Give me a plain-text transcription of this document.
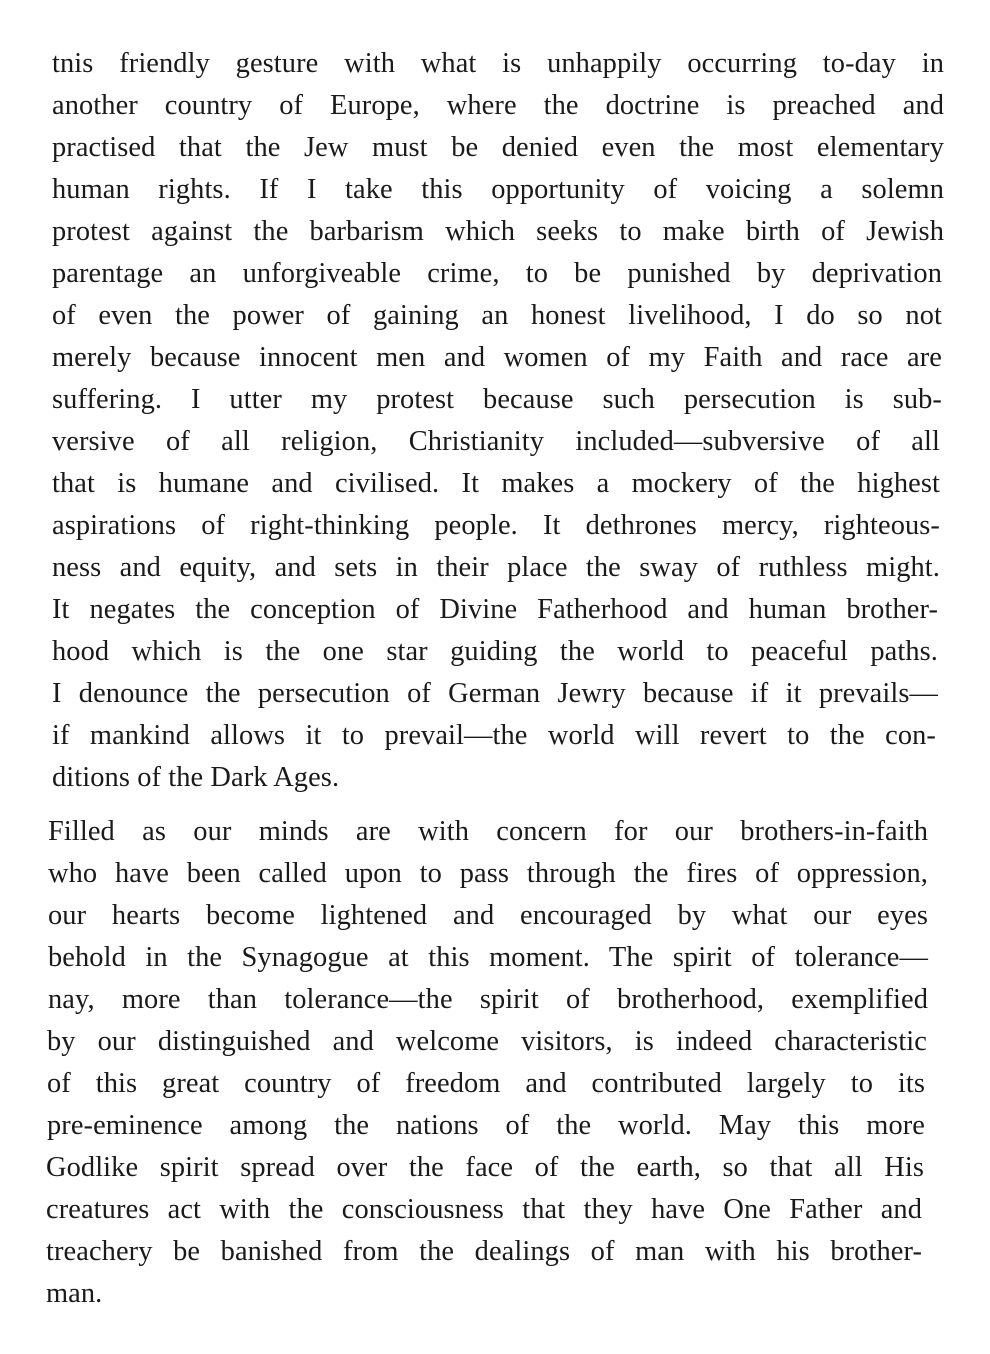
tnis friendly gesture with what is unhappily occurring to-day in
another country of Europe, where the doctrine is preached and
practised that the Jew must be denied even the most elementary
human rights. If I take this opportunity of voicing a solemn
protest against the barbarism which seeks to make birth of Jewish
parentage an unforgiveable crime, to be punished by deprivation
of even the power of gaining an honest livelihood, I do so not
merely because innocent men and women of my Faith and race are
suffering. I utter my protest because such persecution is sub-
versive of all religion, Christianity included—subversive of all
that is humane and civilised. It makes a mockery of the highest
aspirations of right-thinking people. It dethrones mercy, righteous-
ness and equity, and sets in their place the sway of ruthless might.
It negates the conception of Divine Fatherhood and human brother-
hood which is the one star guiding the world to peaceful paths.
I denounce the persecution of German Jewry because if it prevails—
if mankind allows it to prevail—the world will revert to the con-
ditions of the Dark Ages.
Filled as our minds are with concern for our brothers-in-faith
who have been called upon to pass through the fires of oppression,
our hearts become lightened and encouraged by what our eyes
behold in the Synagogue at this moment. The spirit of tolerance—
nay, more than tolerance—the spirit of brotherhood, exemplified
by our distinguished and welcome visitors, is indeed characteristic
of this great country of freedom and contributed largely to its
pre-eminence among the nations of the world. May this more
Godlike spirit spread over the face of the earth, so that all His
creatures act with the consciousness that they have One Father and
treachery be banished from the dealings of man with his brother-
man.
